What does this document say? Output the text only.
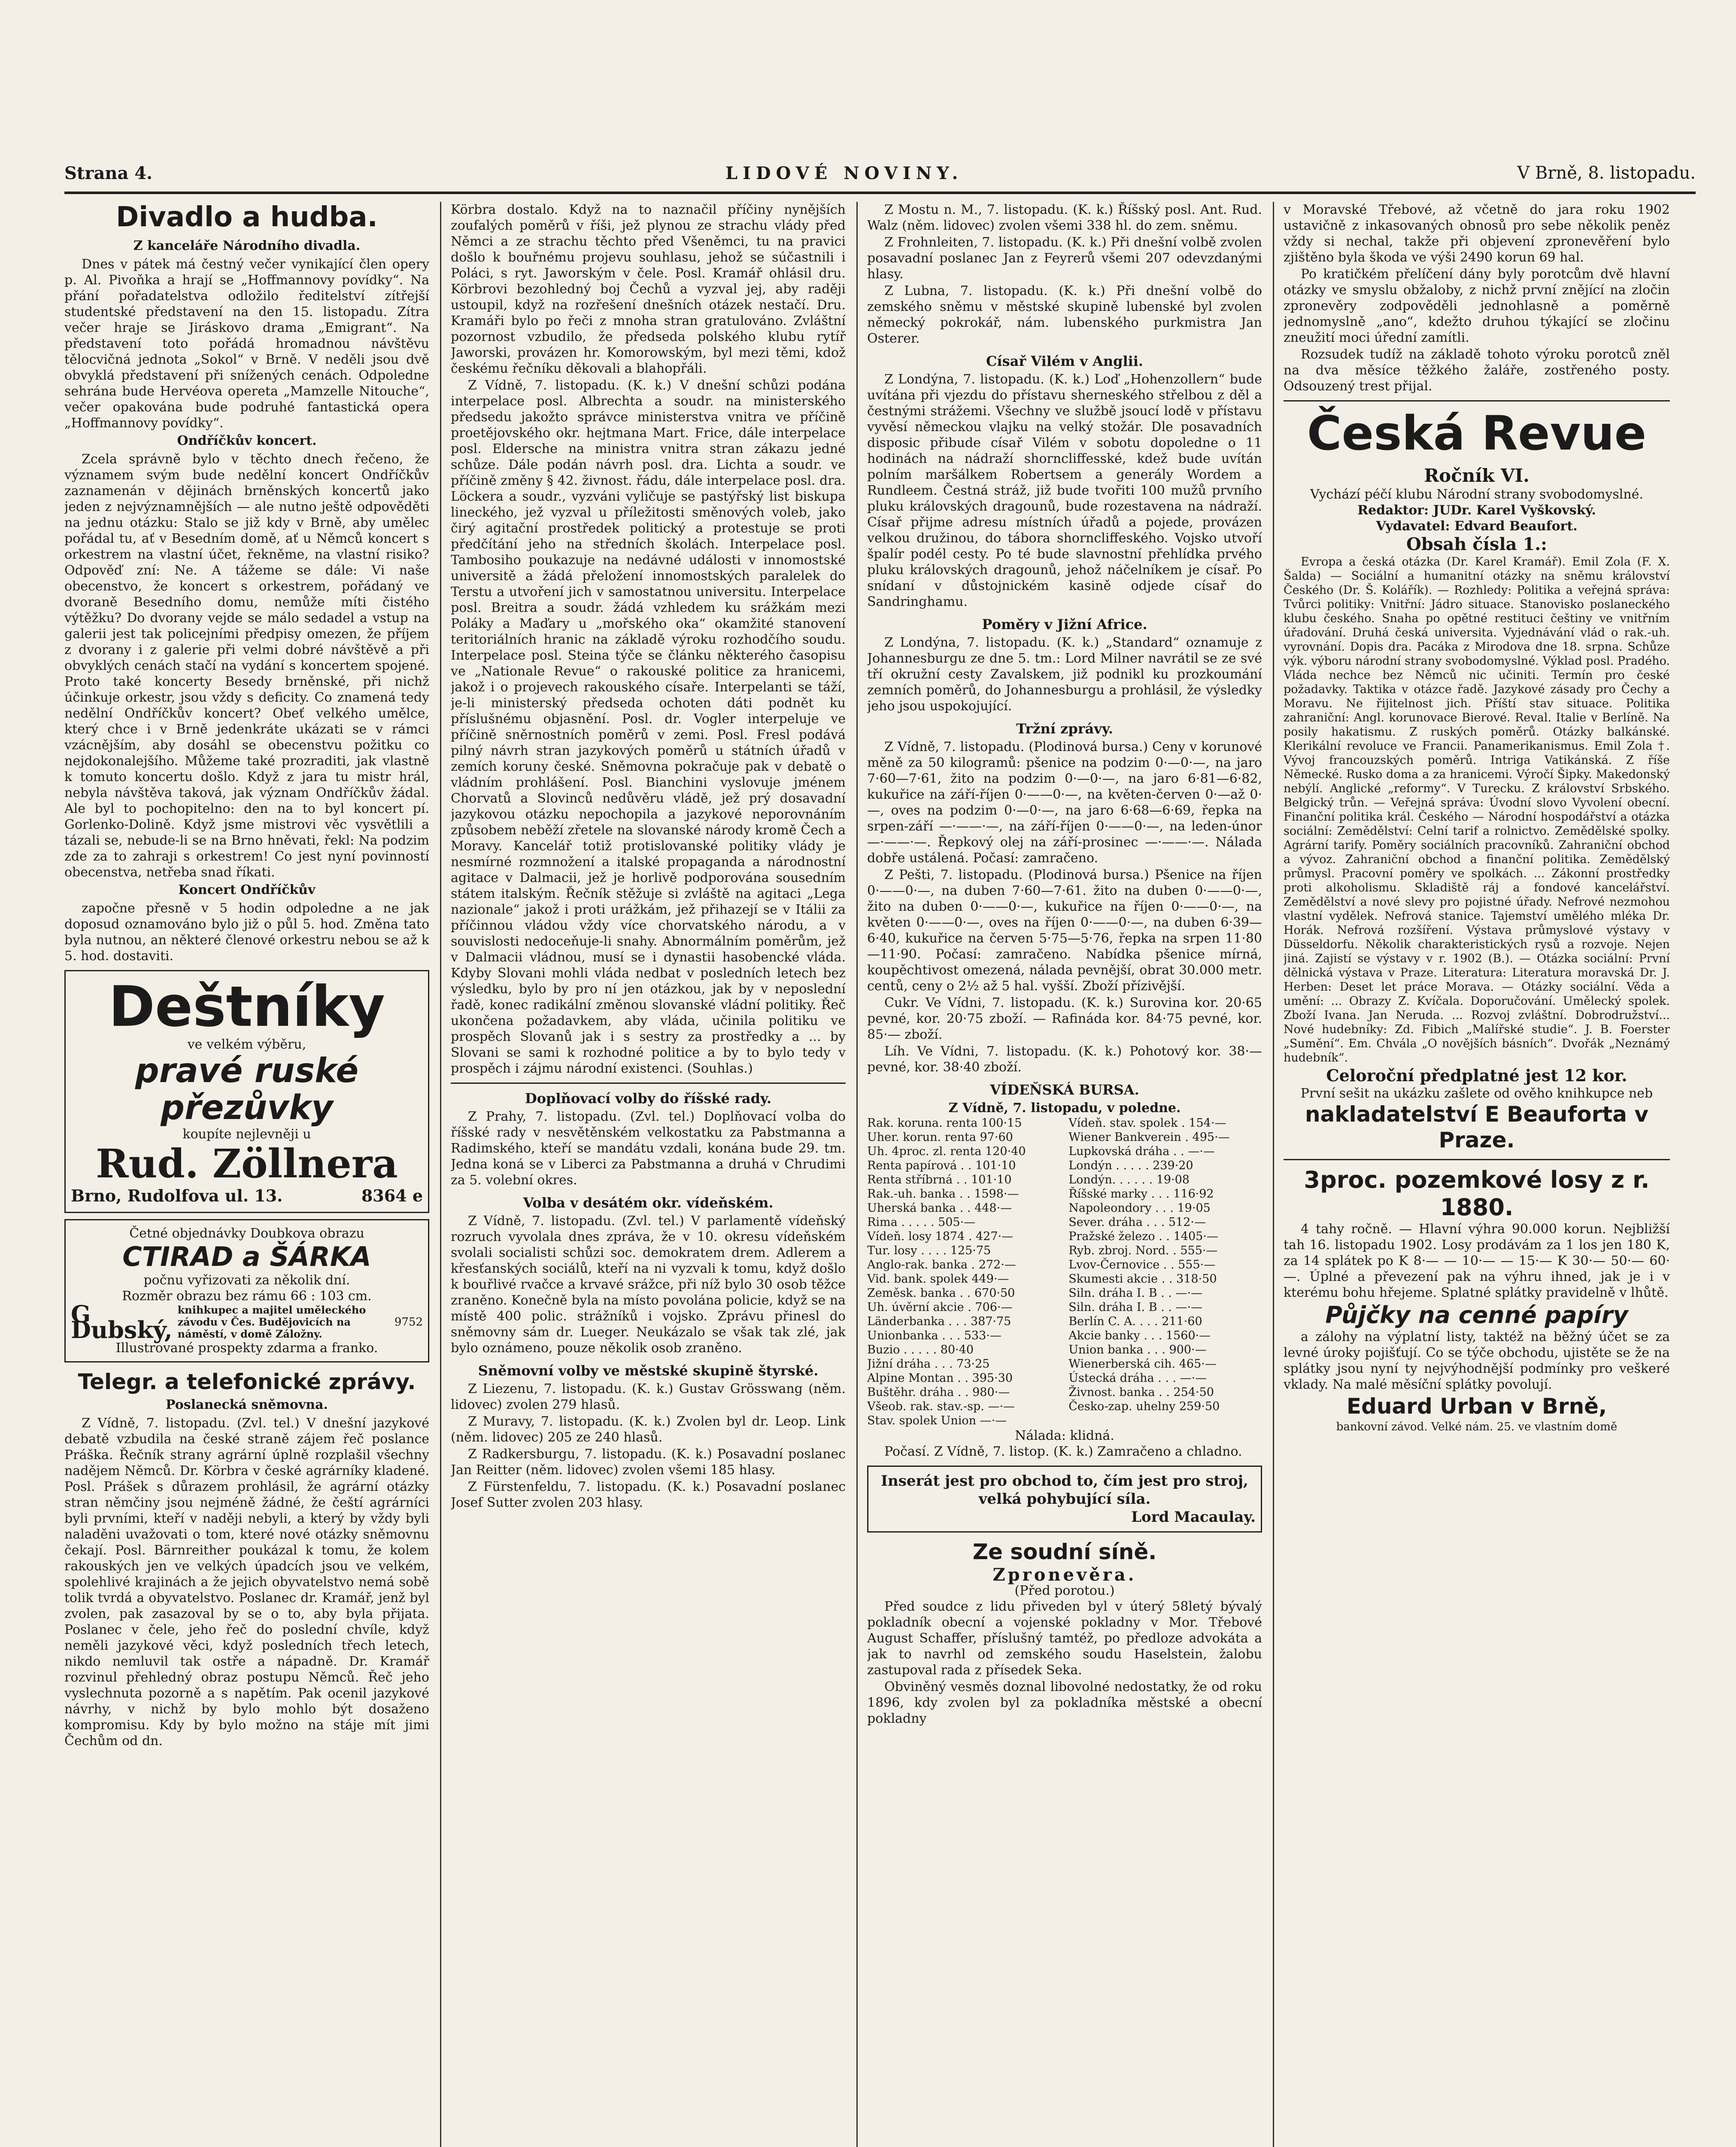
Strana 4.	LIDOVÉ NOVINY.	V Brně, 8. listopadu.
Divadlo a hudba.
Z kanceláře Národního divadla.

Dnes v pátek má čestný večer vynikající člen opery p. Al. Pivoňka a hrají se „Hoffmannovy povídky“. Na přání pořadatelstva odložilo ředitelství zítřejší studentské představení na den 15. listopadu. Zítra večer hraje se Jiráskovo drama „Emigrant“. Na představení toto pořádá hromadnou návštěvu tělocvičná jednota „Sokol“ v Brně. V neděli jsou dvě obvyklá představení při snížených cenách. Odpoledne sehrána bude Hervéova opereta „Mamzelle Nitouche“, večer opakována bude podruhé fantastická opera „Hoffmannovy povídky“.

Ondříčkův koncert.

Zcela správně bylo v těchto dnech řečeno, že významem svým bude nedělní koncert Ondříčkův zaznamenán v dějinách brněnských koncertů jako jeden z nejvýznamnějších — ale nutno ještě odpověděti na jednu otázku: Stalo se již kdy v Brně, aby umělec pořádal tu, ať v Besedním domě, ať u Němců koncert s orkestrem na vlastní účet, řekněme, na vlastní risiko? Odpověď zní: Ne. A tážeme se dále: Vi naše obecenstvo, že koncert s orkestrem, pořádaný ve dvoraně Besedního domu, nemůže míti čistého výtěžku? Do dvorany vejde se málo sedadel a vstup na galerii jest tak policejními předpisy omezen, že příjem z dvorany i z galerie při velmi dobré návštěvě a při obvyklých cenách stačí na vydání s koncertem spojené. Proto také koncerty Besedy brněnské, při nichž účinkuje orkestr, jsou vždy s deficity. Co znamená tedy nedělní Ondříčkův koncert? Obeť velkého umělce, který chce i v Brně jedenkráte ukázati se v rámci vzácnějším, aby dosáhl se obecenstvu požitku co nejdokonalejšího. Můžeme také prozraditi, jak vlastně k tomuto koncertu došlo. Když z jara tu mistr hrál, nebyla návštěva taková, jak význam Ondříčkův žádal. Ale byl to pochopitelno: den na to byl koncert pí. Gorlenko-Dolině. Když jsme mistrovi věc vysvětlili a tázali se, nebude-li se na Brno hněvati, řekl: Na podzim zde za to zahraji s orkestrem! Co jest nyní povinností obecenstva, netřeba snad říkati.

Koncert Ondříčkův

započne přesně v 5 hodin odpoledne a ne jak doposud oznamováno bylo již o půl 5. hod. Změna tato byla nutnou, an některé členové orkestru nebou se až k 5. hod. dostaviti.

Deštníky
ve velkém výběru,
pravé ruské přezůvky
koupíte nejlevněji u
Rud. Zöllnera
Brno, Rudolfova ul. 13.	8364 e
Četné objednávky Doubkova obrazu
CTIRAD a ŠÁRKA
počnu vyřizovati za několik dní.
Rozměr obrazu bez rámu 66 : 103 cm.
G Dubský,
knihkupec a majitel uměleckého závodu v Čes. Budějovicích na náměstí, v domě Záložny.
9752
Illustrované prospekty zdarma a franko.
Telegr. a telefonické zprávy.
Poslanecká sněmovna.

Z Vídně, 7. listopadu. (Zvl. tel.) V dnešní jazykové debatě vzbudila na české straně zájem řeč poslance Práška. Řečník strany agrární úplně rozplašil všechny nadějem Němců. Dr. Körbra v české agrárníky kladené. Posl. Prášek s důrazem prohlásil, že agrární otázky stran němčiny jsou nejméně žádné, že čeští agrárníci byli prvními, kteří v naději nebyli, a který by vždy byli naladěni uvažovati o tom, které nové otázky sněmovnu čekají. Posl. Bärnreither poukázal k tomu, že kolem rakouských jen ve velkých úpadcích jsou ve velkém, spolehlivé krajinách a že jejich obyvatelstvo nemá sobě tolik tvrdá a obyvatelstvo. Poslanec dr. Kramář, jenž byl zvolen, pak zasazoval by se o to, aby byla přijata. Poslanec v čele, jeho řeč do poslední chvíle, když neměli jazykové věci, když posledních třech letech, nikdo nemluvil tak ostře a nápadně. Dr. Kramář rozvinul přehledný obraz postupu Němců. Řeč jeho vyslechnuta pozorně a s napětím. Pak ocenil jazykové návrhy, v nichž by bylo mohlo být dosaženo kompromisu. Kdy by bylo možno na stáje mít jimi Čechům od dn.

Körbra dostalo. Když na to naznačil příčiny nynějších zoufalých poměrů v říši, jež plynou ze strachu vlády před Němci a ze strachu těchto před Všeněmci, tu na pravici došlo k bouřnému projevu souhlasu, jehož se súčastnili i Poláci, s ryt. Jaworským v čele. Posl. Kramář ohlásil dru. Körbrovi bezohledný boj Čechů a vyzval jej, aby raději ustoupil, když na rozřešení dnešních otázek nestačí. Dru. Kramáři bylo po řeči z mnoha stran gratulováno. Zvláštní pozornost vzbudilo, že předseda polského klubu rytíř Jaworski, provázen hr. Komorowským, byl mezi těmi, kdož českému řečníku děkovali a blahopřáli.

Z Vídně, 7. listopadu. (K. k.) V dnešní schůzi podána interpelace posl. Albrechta a soudr. na ministerského předsedu jakožto správce ministerstva vnitra ve příčině proetějovského okr. hejtmana Mart. Frice, dále interpelace posl. Elderschе na ministra vnitra stran zákazu jedné schůze. Dále podán návrh posl. dra. Lichta a soudr. ve příčině změny § 42. živnost. řádu, dále interpelace posl. dra. Löckera a soudr., vyzváni vyličuje se pastýřský list biskupa lineckého, jež vyzval u příležitosti směnových voleb, jako čirý agitační prostředek politický a protestuje se proti předčítání jeho na středních školách. Interpelace posl. Tambosiho poukazuje na nedávné události v innomostské universitě a žádá přeložení innomostských paralelek do Terstu a utvoření jich v samostatnou universitu. Interpelace posl. Breitra a soudr. žádá vzhledem ku srážkám mezi Poláky a Maďary u „mořského oka“ okamžité stanovení teritoriálních hranic na základě výroku rozhodčího soudu. Interpelace posl. Steina týče se článku některého časopisu ve „Nationale Revue“ o rakouské politice za hranicemi, jakož i o projevech rakouského císaře. Interpelanti se táží, je-li ministerský předseda ochoten dáti podnět ku příslušnému objasnění. Posl. dr. Vogler interpeluje ve příčině sněrnostních poměrů v zemi. Posl. Fresl podává pilný návrh stran jazykových poměrů u státních úřadů v zemích koruny české. Sněmovna pokračuje pak v debatě o vládním prohlášení. Posl. Bianchini vyslovuje jménem Chorvatů a Slovinců nedůvěru vládě, jež prý dosavadní jazykovou otázku nepochopila a jazykové neporovnáním způsobem neběží zřetele na slovanské národy kromě Čech a Moravy. Kancelář totiž protislovanské politiky vlády je nesmírné rozmnožení a italské propaganda a národnostní agitace v Dalmacii, jež je horlivě podporována sousedním státem italským. Řečník stěžuje si zvláště na agitaci „Lega nazionale“ jakož i proti urážkám, jež přihazejí se v Itálii za příčinnou vládou vždy více chorvatského národu, a v souvislosti nedoceňuje-li snahy. Abnormálním poměrům, jež v Dalmacii vládnou, musí se i dynastii hasobencké vláda. Kdyby Slovani mohli vláda nedbat v posledních letech bez výsledku, bylo by pro ní jen otázkou, jak by v neposlední řadě, konec radikální změnou slovanské vládní politiky. Řeč ukončena požadavkem, aby vláda, učinila politiku ve prospěch Slovanů jak i s sestry za prostředky a ... by Slovani se sami k rozhodné politice a by to bylo tedy v prospěch i zájmu národní existenci. (Souhlas.)

Doplňovací volby do říšské rady.

Z Prahy, 7. listopadu. (Zvl. tel.) Doplňovací volba do říšské rady v nesvětěnském velkostatku za Pabstmanna a Radimského, kteří se mandátu vzdali, konána bude 29. tm. Jedna koná se v Liberci za Pabstmanna a druhá v Chrudimi za 5. volební okres.

Volba v desátém okr. vídeňském.

Z Vídně, 7. listopadu. (Zvl. tel.) V parlamentě vídeňský rozruch vyvolala dnes zpráva, že v 10. okresu vídeňském svolali socialisti schůzi soc. demokratem drem. Adlerem a křesťanských sociálů, kteří na ni vyzvali k tomu, když došlo k bouřlivé rvačce a krvavé srážce, při níž bylo 30 osob těžce zraněno. Konečně byla na místo povolána policie, když se na místě 400 polic. strážníků i vojsko. Zprávu přinesl do sněmovny sám dr. Lueger. Neukázalo se však tak zlé, jak bylo oznámeno, pouze několik osob zraněno.

Sněmovní volby ve městské skupině štyrské.

Z Liezenu, 7. listopadu. (K. k.) Gustav Grösswang (něm. lidovec) zvolen 279 hlasů.

Z Muravy, 7. listopadu. (K. k.) Zvolen byl dr. Leop. Link (něm. lidovec) 205 ze 240 hlasů.

Z Radkersburgu, 7. listopadu. (K. k.) Posavadní poslanec Jan Reitter (něm. lidovec) zvolen všemi 185 hlasy.

Z Fürstenfeldu, 7. listopadu. (K. k.) Posavadní poslanec Josef Sutter zvolen 203 hlasy.

Z Mostu n. M., 7. listopadu. (K. k.) Říšský posl. Ant. Rud. Walz (něm. lidovec) zvolen všemi 338 hl. do zem. sněmu.

Z Frohnleiten, 7. listopadu. (K. k.) Při dnešní volbě zvolen posavadní poslanec Jan z Feyrerů všemi 207 odevzdanými hlasy.

Z Lubna, 7. listopadu. (K. k.) Při dnešní volbě do zemského sněmu v městské skupině lubenské byl zvolen německý pokrokář, nám. lubenského purkmistra Jan Osterer.

Císař Vilém v Anglii.

Z Londýna, 7. listopadu. (K. k.) Loď „Hohenzollern“ bude uvítána při vjezdu do přístavu sherneského střelbou z děl a čestnými strážemi. Všechny ve službě jsoucí lodě v přístavu vyvěsí německou vlajku na velký stožár. Dle posavadních disposic přibude císař Vilém v sobotu dopoledne o 11 hodinách na nádraží shorncliffesské, kdež bude uvítán polním maršálkem Robertsem a generály Wordem a Rundleem. Čestná stráž, již bude tvořiti 100 mužů prvního pluku královských dragounů, bude rozestavena na nádraží. Císař přijme adresu místních úřadů a pojede, provázen velkou družinou, do tábora shorncliffeského. Vojsko utvoří špalír podél cesty. Po té bude slavnostní přehlídka prvého pluku královských dragounů, jehož náčelníkem je císař. Po snídaní v důstojnickém kasině odjede císař do Sandringhamu.

Poměry v Jižní Africe.

Z Londýna, 7. listopadu. (K. k.) „Standard“ oznamuje z Johannesburgu ze dne 5. tm.: Lord Milner navrátil se ze své tří okružní cesty Zavalskem, již podnikl ku prozkoumání zemních poměrů, do Johannesburgu a prohlásil, že výsledky jeho jsou uspokojující.

Tržní zprávy.

Z Vídně, 7. listopadu. (Plodinová bursa.) Ceny v korunové měně za 50 kilogramů: pšenice na podzim 0·—0·—, na jaro 7·60—7·61, žito na podzim 0·—0·—, na jaro 6·81—6·82, kukuřice na září-říjen 0·——0·—, na květen-červen 0·—až 0·—, oves na podzim 0·—0·—, na jaro 6·68—6·69, řepka na srpen-září —·——·—, na září-říjen 0·——0·—, na leden-únor —·——·—. Řepkový olej na září-prosinec —·——·—. Nálada dobře ustálená. Počasí: zamračeno.

Z Pešti, 7. listopadu. (Plodinová bursa.) Pšenice na říjen 0·——0·—, na duben 7·60—7·61. žito na duben 0·——0·—, žito na duben 0·——0·—, kukuřice na říjen 0·——0·—, na květen 0·——0·—, oves na říjen 0·——0·—, na duben 6·39—6·40, kukuřice na červen 5·75—5·76, řepka na srpen 11·80—11·90. Počasí: zamračeno. Nabídka pšenice mírná, koupěchtivost omezená, nálada pevnější, obrat 30.000 metr. centů, ceny o 2½ až 5 hal. vyšší. Zboží přízivější.

Cukr. Ve Vídni, 7. listopadu. (K. k.) Surovina kor. 20·65 pevné, kor. 20·75 zboží. — Rafináda kor. 84·75 pevné, kor. 85·— zboží.

Líh. Ve Vídni, 7. listopadu. (K. k.) Pohotový kor. 38·— pevné, kor. 38·40 zboží.

VÍDEŇSKÁ BURSA.
Z Vídně, 7. listopadu, v poledne.
Rak. koruna. renta 100·15	Vídeň. stav. spolek . 154·—
Uher. korun. renta 97·60	Wiener Bankverein . 495·—
Uh. 4proc. zl. renta 120·40	Lupkovská dráha . . —·—
Renta papírová . . 101·10	Londýn . . . . . 239·20
Renta stříbrná . . 101·10	Londýn. . . . . . 19·08
Rak.-uh. banka . . 1598·—	Říšské marky . . . 116·92
Uherská banka . . 448·—	Napoleondory . . . 19·05
Rima . . . . . 505·—	Sever. dráha . . . 512·—
Vídeň. losy 1874 . 427·—	Pražské železo . . 1405·—
Tur. losy . . . . 125·75	Ryb. zbroj. Nord. . 555·—
Anglo-rak. banka . 272·—	Lvov-Černovice . . 555·—
Vid. bank. spolek 449·—	Skumesti akcie . . 318·50
Zeměsk. banka . . 670·50	Siln. dráha I. B . . —·—
Uh. úvěrní akcie . 706·—	Siln. dráha I. B . . —·—
Länderbanka . . . 387·75	Berlín C. A. . . . 211·60
Unionbanka . . . 533·—	Akcie banky . . . 1560·—
Buzio . . . . . 80·40	Union banka . . . 900·—
Jižní dráha . . . 73·25	Wienerberská cih. 465·—
Alpine Montan . . 395·30	Ústecká dráha . . . —·—
Buštěhr. dráha . . 980·—	Živnost. banka . . 254·50
Všeob. rak. stav.-sp. —·—	Česko-zap. uhelny 259·50
Stav. spolek Union —·—
Nálada: klidná.

Počasí. Z Vídně, 7. listop. (K. k.) Zamračeno a chladno.

Inserát jest pro obchod to, čím jest pro stroj, velká pohybující síla.
Lord Macaulay.
Ze soudní síně.
Zpronevěra.
(Před porotou.)

Před soudce z lidu přiveden byl v úterý 58letý bývalý pokladník obecní a vojenské pokladny v Mor. Třebové August Schaffer, příslušný tamtéž, po předloze advokáta a jak to navrhl od zemského soudu Haselstein, žalobu zastupoval rada z přísedek Seka.

Obviněný vesměs doznal libovolné nedostatky, že od roku 1896, kdy zvolen byl za pokladníka městské a obecní pokladny

v Moravské Třebové, až včetně do jara roku 1902 ustavičně z inkasovaných obnosů pro sebe několik peněz vždy si nechal, takže při objevení zpronevěření bylo zjištěno byla škoda ve výši 2490 korun 69 hal.

Po kratičkém přelíčení dány byly porotcům dvě hlavní otázky ve smyslu obžaloby, z nichž první znějící na zločin zpronevěry zodpověděli jednohlasně a poměrně jednomyslně „ano“, kdežto druhou týkající se zločinu zneužití moci úřední zamítli.

Rozsudek tudíž na základě tohoto výroku porotců zněl na dva měsíce těžkého žaláře, zostřeného posty. Odsouzený trest přijal.

Česká Revue
Ročník VI.
Vychází péčí klubu Národní strany svobodomyslné.
Redaktor: JUDr. Karel Vyškovský.
Vydavatel: Edvard Beaufort.
Obsah čísla 1.:

Evropa a česká otázka (Dr. Karel Kramář). Emil Zola (F. X. Šalda) — Sociální a humanitní otázky na sněmu království Českého (Dr. Š. Kolářík). — Rozhledy: Politika a veřejná správa: Tvůrci politiky: Vnitřní: Jádro situace. Stanovisko poslaneckého klubu českého. Snaha po opětné restituci češtiny ve vnitřním úřadování. Druhá česká universita. Vyjednávání vlád o rak.-uh. vyrovnání. Dopis dra. Pacáka z Mirodova dne 18. srpna. Schůze výk. výboru národní strany svobodomyslné. Výklad posl. Pradého. Vláda nechce bez Němců nic učiniti. Termín pro české požadavky. Taktika v otázce řadě. Jazykové zásady pro Čechy a Moravu. Ne řijitelnost jich. Příští stav situace. Politika zahraniční: Angl. korunovace Bierové. Reval. Italie v Berlíně. Na posily hakatismu. Z ruských poměrů. Otázky balkánské. Klerikální revoluce ve Francii. Panamerikanismus. Emil Zola †. Vývoj francouzských poměrů. Intriga Vatikánská. Z říše Německé. Rusko doma a za hranicemi. Výročí Šipky. Makedonský nebýlí. Anglické „reformy“. V Turecku. Z království Srbského. Belgický trůn. — Veřejná správa: Úvodní slovo Vyvolení obecní. Finanční politika král. Českého — Národní hospodářství a otázka sociální: Zemědělství: Celní tarif a rolnictvo. Zemědělské spolky. Agrární tarify. Poměry sociálních pracovníků. Zahraniční obchod a vývoz. Zahraniční obchod a finanční politika. Zemědělský průmysl. Pracovní poměry ve spolkách. ... Zákonní prostředky proti alkoholismu. Skladiště ráj a fondové kancelářství. Zemědělství a nové slevy pro pojistné úřady. Nefrové nezmohou vlastní vydělek. Nefrová stanice. Tajemství umělého mléka Dr. Horák. Nefrová rozšíření. Výstava průmyslové výstavy v Düsseldorfu. Několik charakteristických rysů a rozvoje. Nejen jiná. Zajistí se výstavy v r. 1902 (B.). — Otázka sociální: První dělnická výstava v Praze. Literatura: Literatura moravská Dr. J. Herben: Deset let práce Morava. — Otázky sociální. Věda a umění: ... Obrazy Z. Kvíčala. Doporučování. Umělecký spolek. Zboží Ivana. Jan Neruda. ... Rozvoj zvláštní. Dobrodružství... Nové hudebníky: Zd. Fibich „Malířské studie“. J. B. Foerster „Sumění“. Em. Chvála „O novějších básních“. Dvořák „Neznámý hudebník“.

Celoroční předplatné jest 12 kor.
První sešit na ukázku zašlete od ověho knihkupce neb
nakladatelství E Beauforta v Praze.
3proc. pozemkové losy z r. 1880.

4 tahy ročně. — Hlavní výhra 90.000 korun. Nejbližší tah 16. listopadu 1902. Losy prodávám za 1 los jen 180 K, za 14 splátek po K 8·— — 10·— — 15·— K 30·— 50·— 60·—. Úplné a převezení pak na výhru ihned, jak je i v kterému bohu hřejeme. Splatné splátky pravidelně v lhůtě.

Půjčky na cenné papíry

a zálohy na výplatní listy, taktéž na běžný účet se za levné úroky pojišťují. Co se týče obchodu, ujistěte se že na splátky jsou nyní ty nejvýhodnější podmínky pro veškeré vklady. Na malé měsíční splátky povolují.

Eduard Urban v Brně,
bankovní závod. Velké nám. 25. ve vlastním domě
